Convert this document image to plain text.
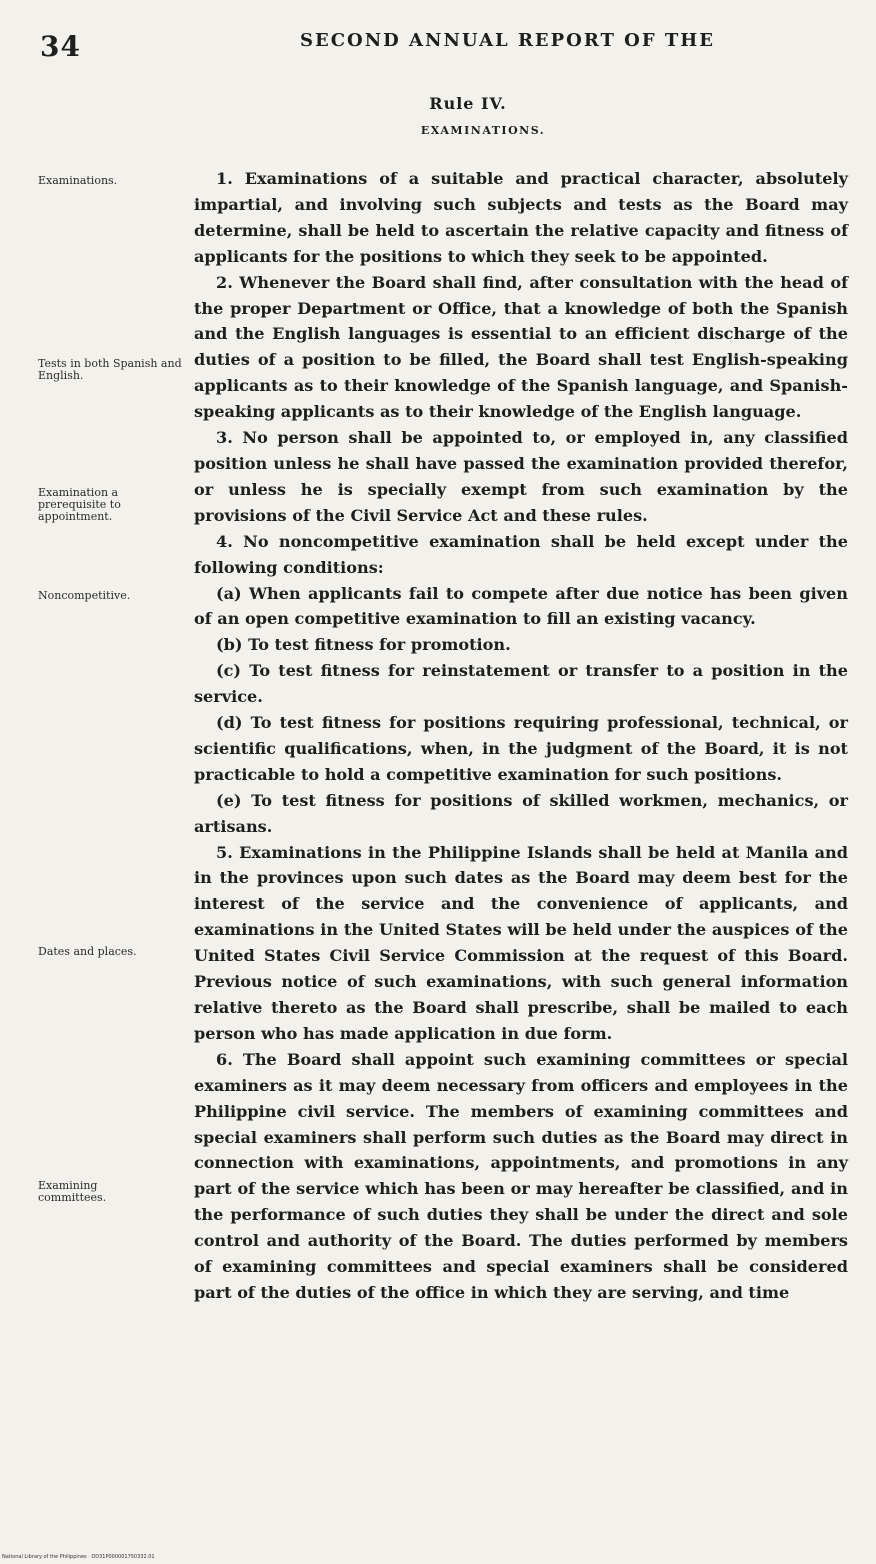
34	SECOND ANNUAL REPORT OF THE
Rule IV.
EXAMINATIONS.
Examinations.
Tests in both Spanish and English.
Examination a prerequisite to appointment.
Noncompetitive.
Dates and places.
Examining committees.

1. Examinations of a suitable and practical character, absolutely impartial, and involving such subjects and tests as the Board may determine, shall be held to ascertain the relative capacity and fitness of applicants for the positions to which they seek to be appointed.

2. Whenever the Board shall find, after consultation with the head of the proper Department or Office, that a knowledge of both the Spanish and the English languages is essential to an efficient discharge of the duties of a position to be filled, the Board shall test English-speaking applicants as to their knowledge of the Spanish language, and Spanish-speaking applicants as to their knowledge of the English language.

3. No person shall be appointed to, or employed in, any classified position unless he shall have passed the examination provided therefor, or unless he is specially exempt from such examination by the provisions of the Civil Service Act and these rules.

4. No noncompetitive examination shall be held except under the following conditions:

(a) When applicants fail to compete after due notice has been given of an open competitive examination to fill an existing vacancy.

(b) To test fitness for promotion.

(c) To test fitness for reinstatement or transfer to a position in the service.

(d) To test fitness for positions requiring professional, technical, or scientific qualifications, when, in the judgment of the Board, it is not practicable to hold a competitive examination for such positions.

(e) To test fitness for positions of skilled workmen, mechanics, or artisans.

5. Examinations in the Philippine Islands shall be held at Manila and in the provinces upon such dates as the Board may deem best for the interest of the service and the convenience of applicants, and examinations in the United States will be held under the auspices of the United States Civil Service Commission at the request of this Board. Previous notice of such examinations, with such general information relative thereto as the Board shall prescribe, shall be mailed to each person who has made application in due form.

6. The Board shall appoint such examining committees or special examiners as it may deem necessary from officers and employees in the Philippine civil service. The members of examining committees and special examiners shall perform such duties as the Board may direct in connection with examinations, appointments, and promotions in any part of the service which has been or may hereafter be classified, and in the performance of such duties they shall be under the direct and sole control and authority of the Board. The duties performed by members of examining committees and special examiners shall be considered part of the duties of the office in which they are serving, and time

National Library of the Philippines · DD31P000001750332.01
